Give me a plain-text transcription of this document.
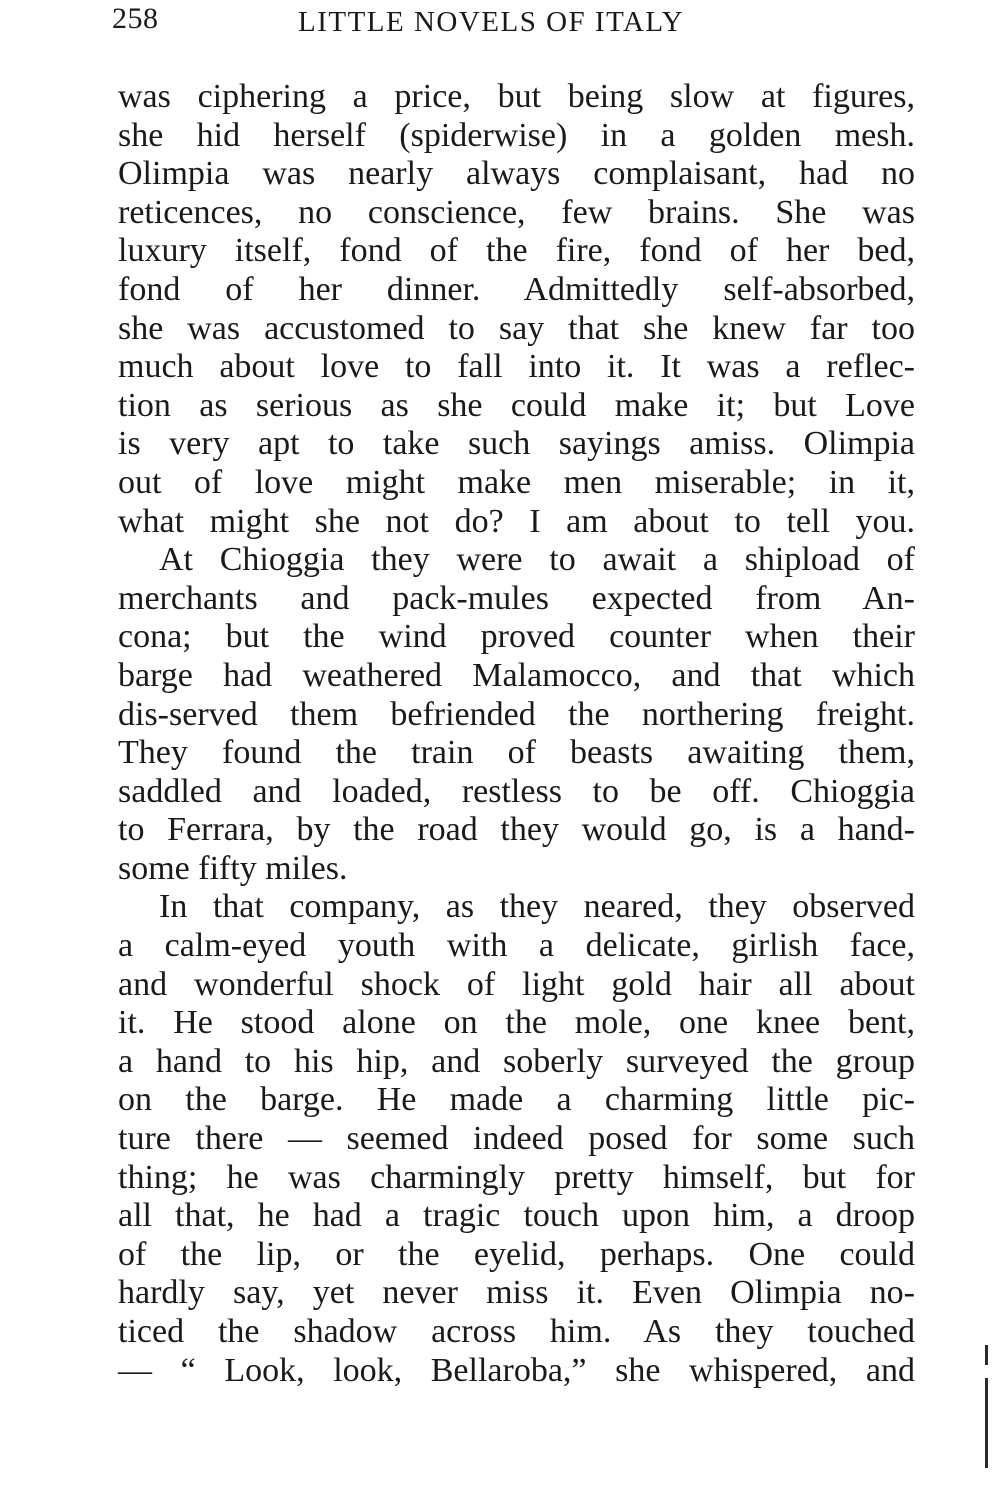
258	LITTLE NOVELS OF ITALY
was ciphering a price, but being slow at figures,
she hid herself (spiderwise) in a golden mesh.
Olimpia was nearly always complaisant, had no
reticences, no conscience, few brains. She was
luxury itself, fond of the fire, fond of her bed,
fond of her dinner. Admittedly self-absorbed,
she was accustomed to say that she knew far too
much about love to fall into it. It was a reflec-
tion as serious as she could make it; but Love
is very apt to take such sayings amiss. Olimpia
out of love might make men miserable; in it,
what might she not do? I am about to tell you.
At Chioggia they were to await a shipload of
merchants and pack-mules expected from An-
cona; but the wind proved counter when their
barge had weathered Malamocco, and that which
dis-served them befriended the northering freight.
They found the train of beasts awaiting them,
saddled and loaded, restless to be off. Chioggia
to Ferrara, by the road they would go, is a hand-
some fifty miles.
In that company, as they neared, they observed
a calm-eyed youth with a delicate, girlish face,
and wonderful shock of light gold hair all about
it. He stood alone on the mole, one knee bent,
a hand to his hip, and soberly surveyed the group
on the barge. He made a charming little pic-
ture there — seemed indeed posed for some such
thing; he was charmingly pretty himself, but for
all that, he had a tragic touch upon him, a droop
of the lip, or the eyelid, perhaps. One could
hardly say, yet never miss it. Even Olimpia no-
ticed the shadow across him. As they touched
— “ Look, look, Bellaroba,” she whispered, and
